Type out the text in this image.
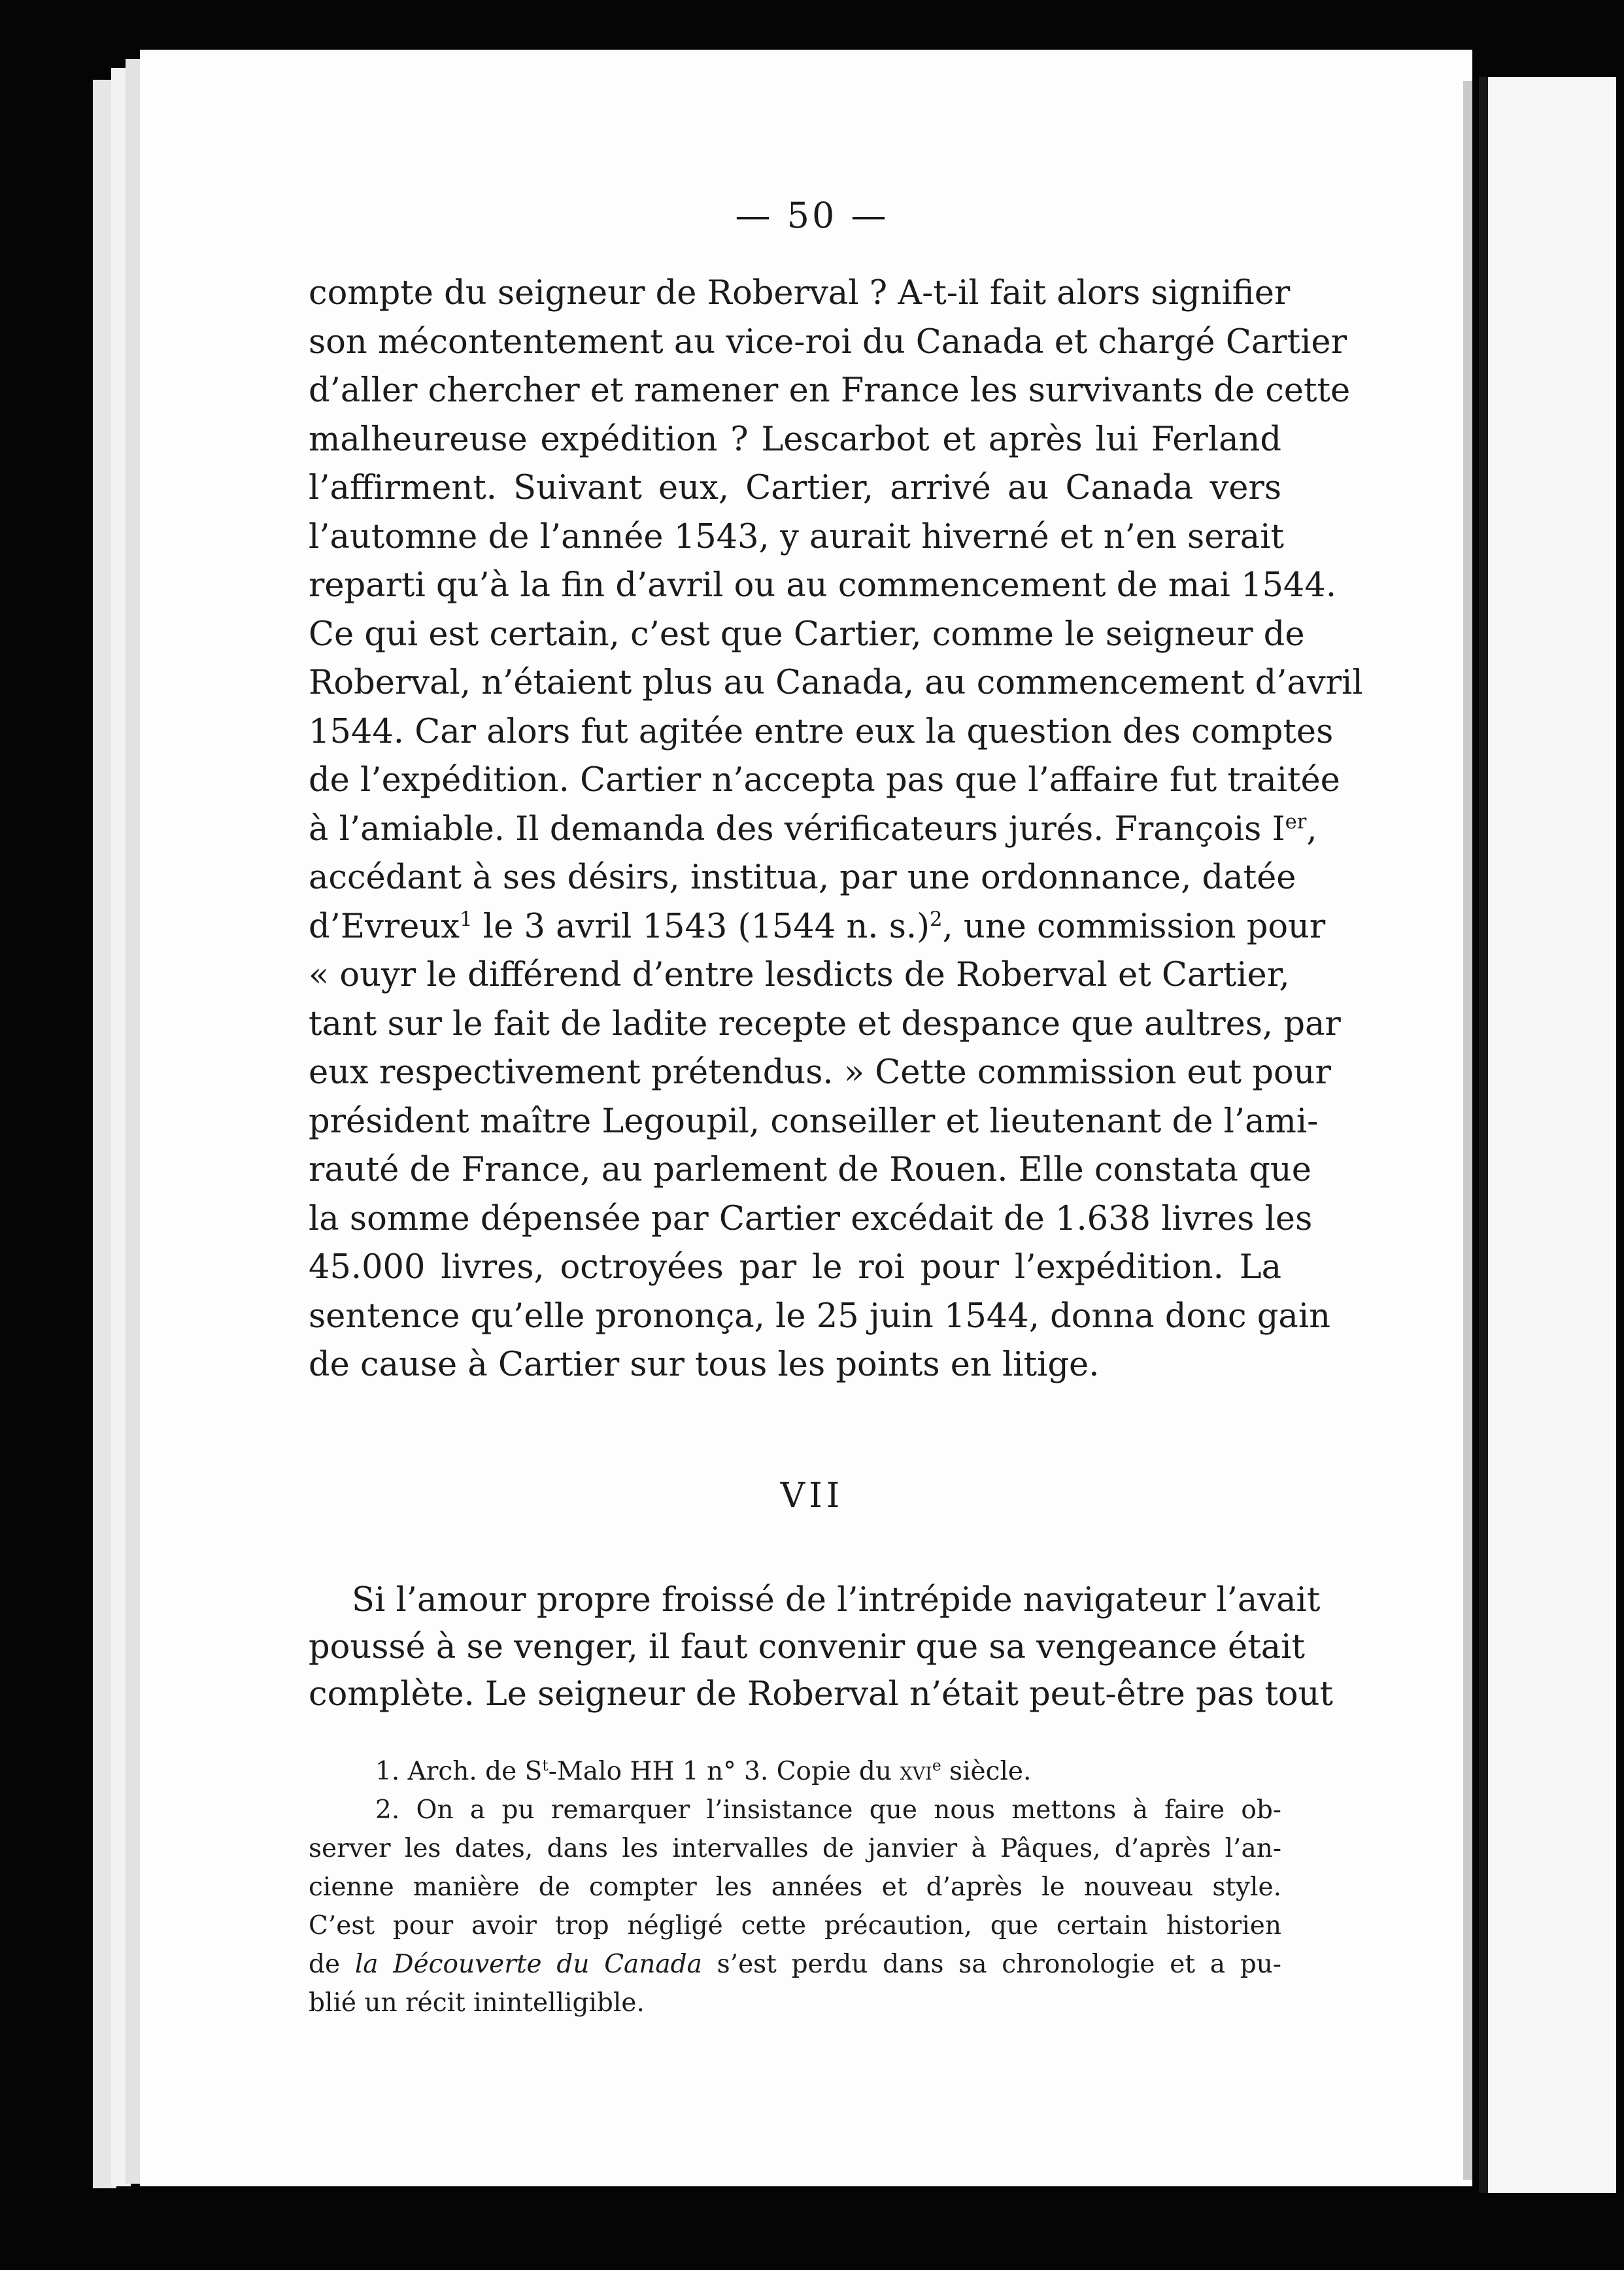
— 50 —
compte du seigneur de Roberval ? A-t-il fait alors signifier
son mécontentement au vice-roi du Canada et chargé Cartier
d’aller chercher et ramener en France les survivants de cette
malheureuse expédition ? Lescarbot et après lui Ferland
l’affirment. Suivant eux, Cartier, arrivé au Canada vers
l’automne de l’année 1543, y aurait hiverné et n’en serait
reparti qu’à la fin d’avril ou au commencement de mai 1544.
Ce qui est certain, c’est que Cartier, comme le seigneur de
Roberval, n’étaient plus au Canada, au commencement d’avril
1544. Car alors fut agitée entre eux la question des comptes
de l’expédition. Cartier n’accepta pas que l’affaire fut traitée
à l’amiable. Il demanda des vérificateurs jurés. François Ier,
accédant à ses désirs, institua, par une ordonnance, datée
d’Evreux$^1$ le 3 avril 1543 (1544 n. s.)$^2$, une commission pour
« ouyr le différend d’entre lesdicts de Roberval et Cartier,
tant sur le fait de ladite recepte et despance que aultres, par
eux respectivement prétendus. » Cette commission eut pour
président maître Legoupil, conseiller et lieutenant de l’ami-
rauté de France, au parlement de Rouen. Elle constata que
la somme dépensée par Cartier excédait de 1.638 livres les
45.000 livres, octroyées par le roi pour l’expédition. La
sentence qu’elle prononça, le 25 juin 1544, donna donc gain
de cause à Cartier sur tous les points en litige.
VII
Si l’amour propre froissé de l’intrépide navigateur l’avait
poussé à se venger, il faut convenir que sa vengeance était
complète. Le seigneur de Roberval n’était peut-être pas tout
1. Arch. de $S^t$-Malo HH 1 n° 3. Copie du xvi$^e$ siècle.
2. On a pu remarquer l’insistance que nous mettons à faire ob-
server les dates, dans les intervalles de janvier à Pâques, d’après l’an-
cienne manière de compter les années et d’après le nouveau style.
C’est pour avoir trop négligé cette précaution, que certain historien
de la Découverte du Canada s’est perdu dans sa chronologie et a pu-
blié un récit inintelligible.
